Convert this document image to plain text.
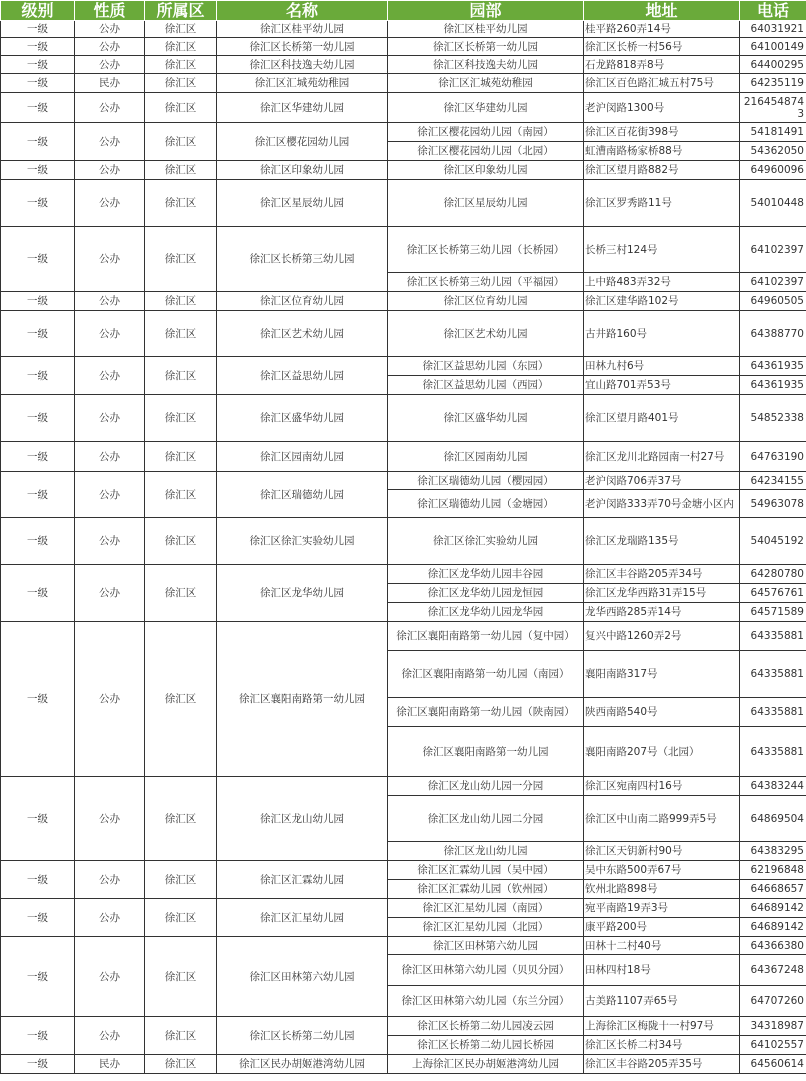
级别	性质	所属区	名称	园部	地址	电话
一级	公办	徐汇区	徐汇区桂平幼儿园	徐汇区桂平幼儿园	桂平路260弄14号	64031921
一级	公办	徐汇区	徐汇区长桥第一幼儿园	徐汇区长桥第一幼儿园	徐汇区长桥一村56号	64100149
一级	公办	徐汇区	徐汇区科技逸夫幼儿园	徐汇区科技逸夫幼儿园	石龙路818弄8号	64400295
一级	民办	徐汇区	徐汇区汇城苑幼稚园	徐汇区汇城苑幼稚园	徐汇区百色路汇城五村75号	64235119
一级	公办	徐汇区	徐汇区华建幼儿园	徐汇区华建幼儿园	老沪闵路1300号	2164548743
一级	公办	徐汇区	徐汇区樱花园幼儿园	徐汇区樱花园幼儿园（南园）	徐汇区百花街398号	54181491
				徐汇区樱花园幼儿园（北园）	虹漕南路杨家桥88号	54362050
一级	公办	徐汇区	徐汇区印象幼儿园	徐汇区印象幼儿园	徐汇区望月路882号	64960096
一级	公办	徐汇区	徐汇区星辰幼儿园	徐汇区星辰幼儿园	徐汇区罗秀路11号	54010448
一级	公办	徐汇区	徐汇区长桥第三幼儿园	徐汇区长桥第三幼儿园（长桥园）	长桥三村124号	64102397
				徐汇区长桥第三幼儿园（平福园）	上中路483弄32号	64102397
一级	公办	徐汇区	徐汇区位育幼儿园	徐汇区位育幼儿园	徐汇区建华路102号	64960505
一级	公办	徐汇区	徐汇区艺术幼儿园	徐汇区艺术幼儿园	古井路160号	64388770
一级	公办	徐汇区	徐汇区益思幼儿园	徐汇区益思幼儿园（东园）	田林九村6号	64361935
				徐汇区益思幼儿园（西园）	宜山路701弄53号	64361935
一级	公办	徐汇区	徐汇区盛华幼儿园	徐汇区盛华幼儿园	徐汇区望月路401号	54852338
一级	公办	徐汇区	徐汇区园南幼儿园	徐汇区园南幼儿园	徐汇区龙川北路园南一村27号	64763190
一级	公办	徐汇区	徐汇区瑞德幼儿园	徐汇区瑞德幼儿园（樱园园）	老沪闵路706弄37号	64234155
				徐汇区瑞德幼儿园（金塘园）	老沪闵路333弄70号金塘小区内	54963078
一级	公办	徐汇区	徐汇区徐汇实验幼儿园	徐汇区徐汇实验幼儿园	徐汇区龙瑞路135号	54045192
一级	公办	徐汇区	徐汇区龙华幼儿园	徐汇区龙华幼儿园丰谷园	徐汇区丰谷路205弄34号	64280780
				徐汇区龙华幼儿园龙恒园	徐汇区龙华西路31弄15号	64576761
				徐汇区龙华幼儿园龙华园	龙华西路285弄14号	64571589
一级	公办	徐汇区	徐汇区襄阳南路第一幼儿园	徐汇区襄阳南路第一幼儿园（复中园）	复兴中路1260弄2号	64335881
				徐汇区襄阳南路第一幼儿园（南园）	襄阳南路317号	64335881
				徐汇区襄阳南路第一幼儿园（陕南园）	陕西南路540号	64335881
				徐汇区襄阳南路第一幼儿园	襄阳南路207号（北园）	64335881
一级	公办	徐汇区	徐汇区龙山幼儿园	徐汇区龙山幼儿园一分园	徐汇区宛南四村16号	64383244
				徐汇区龙山幼儿园二分园	徐汇区中山南二路999弄5号	64869504
				徐汇区龙山幼儿园	徐汇区天钥新村90号	64383295
一级	公办	徐汇区	徐汇区汇霖幼儿园	徐汇区汇霖幼儿园（吴中园）	吴中东路500弄67号	62196848
				徐汇区汇霖幼儿园（钦州园）	钦州北路898号	64668657
一级	公办	徐汇区	徐汇区汇星幼儿园	徐汇区汇星幼儿园（南园）	宛平南路19弄3号	64689142
				徐汇区汇星幼儿园（北园）	康平路200号	64689142
一级	公办	徐汇区	徐汇区田林第六幼儿园	徐汇区田林第六幼儿园	田林十二村40号	64366380
				徐汇区田林第六幼儿园（贝贝分园）	田林四村18号	64367248
				徐汇区田林第六幼儿园（东兰分园）	古美路1107弄65号	64707260
一级	公办	徐汇区	徐汇区长桥第二幼儿园	徐汇区长桥第二幼儿园凌云园	上海徐汇区梅陇十一村97号	34318987
				徐汇区长桥第二幼儿园长桥园	徐汇区长桥二村34号	64102557
一级	民办	徐汇区	徐汇区民办胡姬港湾幼儿园	上海徐汇区民办胡姬港湾幼儿园	徐汇区丰谷路205弄35号	64560614
